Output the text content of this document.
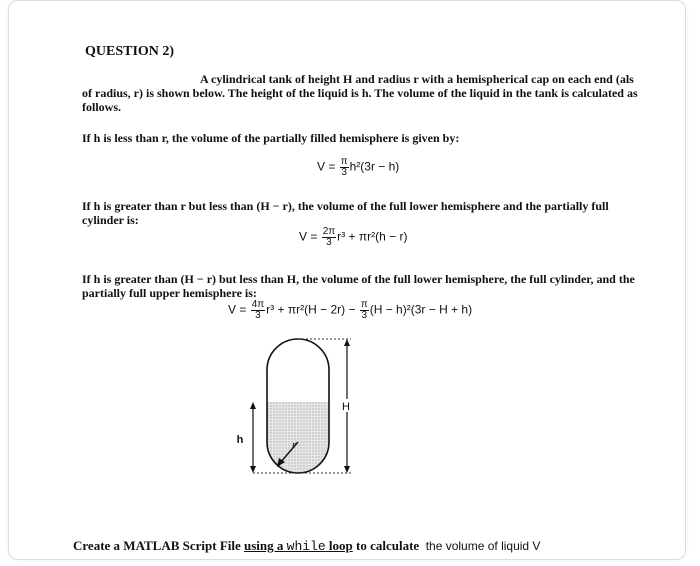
QUESTION 2)
A cylindrical tank of height H and radius r with a hemispherical cap on each end (als
of radius, r) is shown below. The height of the liquid is h. The volume of the liquid in the tank is calculated as
follows.
If h is less than r, the volume of the partially filled hemisphere is given by:
$V = \frac{\pi}{3} h^2(3r - h)$
If h is greater than r but less than (H − r), the volume of the full lower hemisphere and the partially full
cylinder is:
$V = \frac{2\pi}{3} r^3 + \pi r^2(h - r)$
If h is greater than (H − r) but less than H, the volume of the full lower hemisphere, the full cylinder, and the
partially full upper hemisphere is:
$V = \frac{4\pi}{3} r^3 + \pi r^2(H - 2r) - \frac{\pi}{3} (H - h)^2(3r - H + h)$
H
h	r
Create a MATLAB Script File using a while loop to calculate the volume of liquid V
